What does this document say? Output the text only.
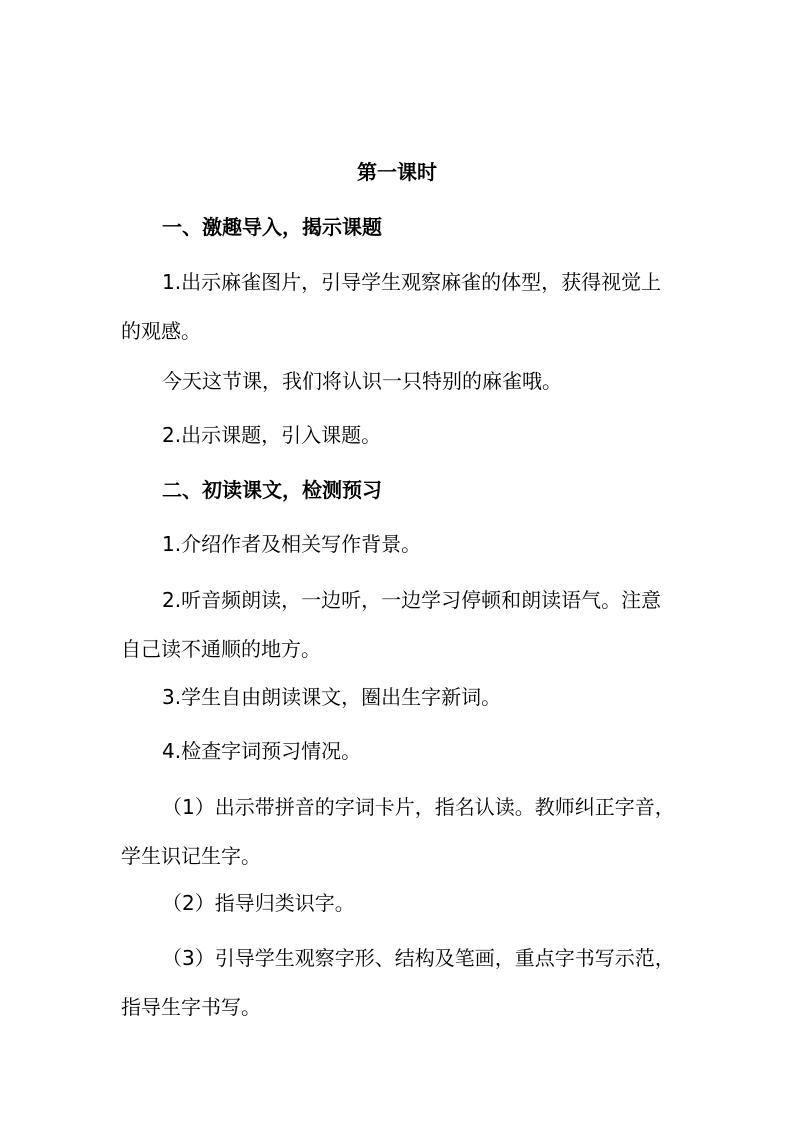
第一课时
一、激趣导入，揭示课题
1.出示麻雀图片，引导学生观察麻雀的体型，获得视觉上的观感。
今天这节课，我们将认识一只特别的麻雀哦。
2.出示课题，引入课题。
二、初读课文，检测预习
1.介绍作者及相关写作背景。
2.听音频朗读，一边听，一边学习停顿和朗读语气。注意自己读不通顺的地方。
3.学生自由朗读课文，圈出生字新词。
4.检查字词预习情况。
（1）出示带拼音的字词卡片，指名认读。教师纠正字音，学生识记生字。
（2）指导归类识字。
（3）引导学生观察字形、结构及笔画，重点字书写示范，指导生字书写。
